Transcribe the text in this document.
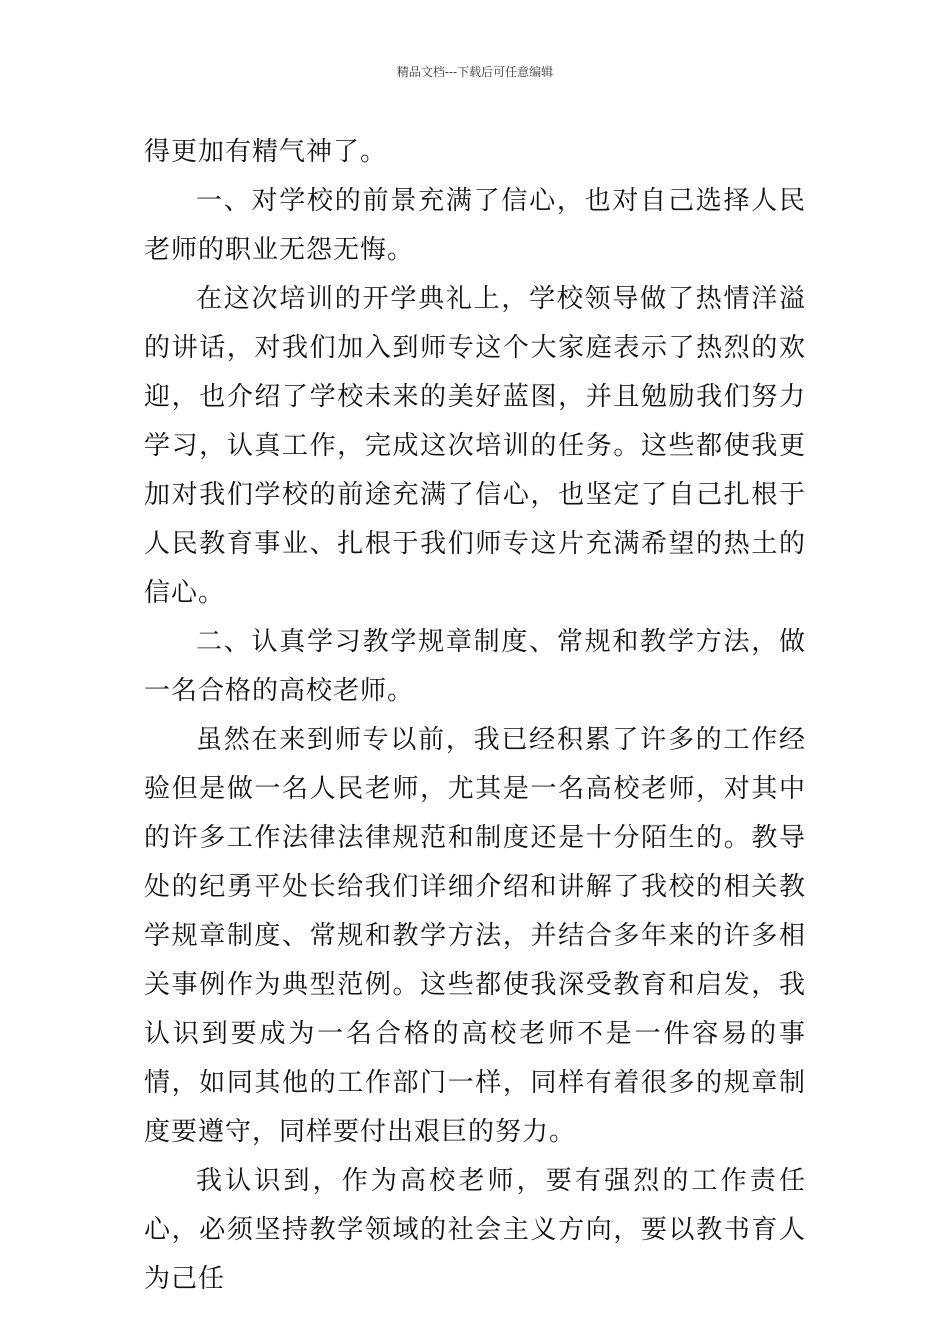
精品文档---下载后可任意编辑

得更加有精气神了。

一、对学校的前景充满了信心，也对自己选择人民老师的职业无怨无悔。

在这次培训的开学典礼上，学校领导做了热情洋溢的讲话，对我们加入到师专这个大家庭表示了热烈的欢迎，也介绍了学校未来的美好蓝图，并且勉励我们努力学习，认真工作，完成这次培训的任务。这些都使我更加对我们学校的前途充满了信心，也坚定了自己扎根于人民教育事业、扎根于我们师专这片充满希望的热土的信心。

二、认真学习教学规章制度、常规和教学方法，做一名合格的高校老师。

虽然在来到师专以前，我已经积累了许多的工作经验但是做一名人民老师，尤其是一名高校老师，对其中的许多工作法律法律规范和制度还是十分陌生的。教导处的纪勇平处长给我们详细介绍和讲解了我校的相关教学规章制度、常规和教学方法，并结合多年来的许多相关事例作为典型范例。这些都使我深受教育和启发，我认识到要成为一名合格的高校老师不是一件容易的事情，如同其他的工作部门一样，同样有着很多的规章制度要遵守，同样要付出艰巨的努力。

我认识到，作为高校老师，要有强烈的工作责任心，必须坚持教学领域的社会主义方向，要以教书育人为己任
